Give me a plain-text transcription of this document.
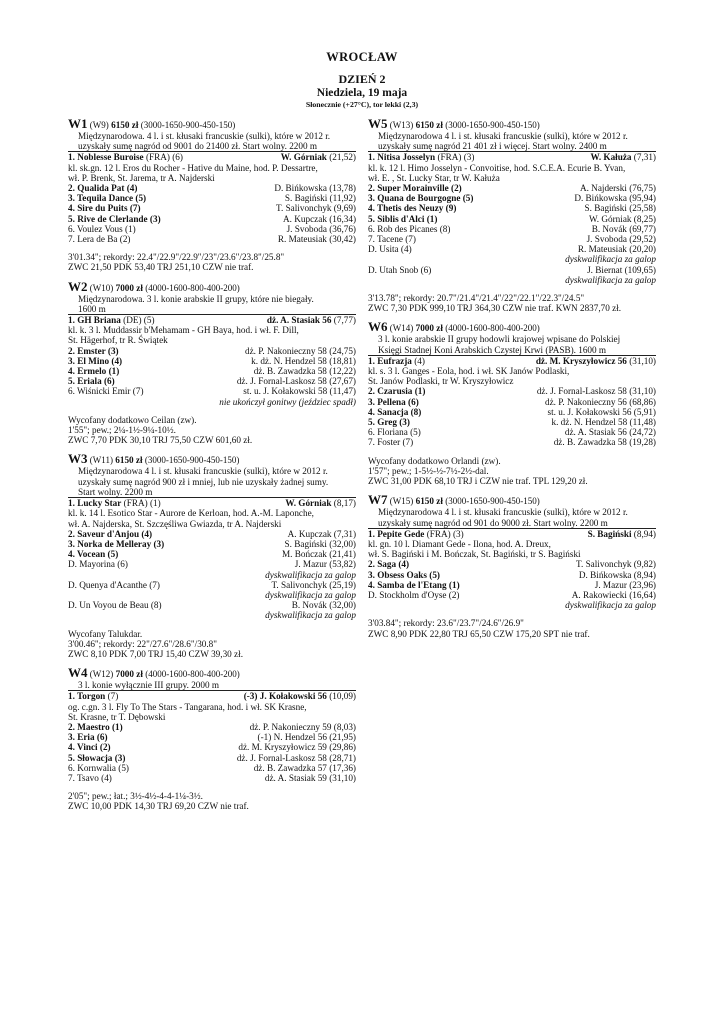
WROCŁAW
DZIEŃ 2
Niedziela, 19 maja
Słonecznie (+27°C), tor lekki (2,3)
W1 (W9) 6150 zł (3000-1650-900-450-150)
Międzynarodowa. 4 l. i st. kłusaki francuskie (sulki), które w 2012 r.
uzyskały sumę nagród od 9001 do 21400 zł. Start wolny. 2200 m
1. Noblesse Buroise (FRA) (6)	W. Górniak (21,52)
kl. sk.gn. 12 l. Eros du Rocher - Hative du Maine, hod. P. Dessartre,
wł. P. Brenk, St. Jarema, tr A. Najderski
2. Qualida Pat (4)	D. Bińkowska (13,78)
3. Tequila Dance (5)	S. Bagiński (11,92)
4. Sire du Puits (7)	T. Salivonchyk (9,69)
5. Rive de Clerlande (3)	A. Kupczak (16,34)
6. Voulez Vous (1)	J. Svoboda (36,76)
7. Lera de Ba (2)	R. Mateusiak (30,42)
3'01.34"; rekordy: 22.4"/22.9"/22.9"/23"/23.6"/23.8"/25.8"
ZWC 21,50 PDK 53,40 TRJ 251,10 CZW nie traf.
W2 (W10) 7000 zł (4000-1600-800-400-200)
Międzynarodowa. 3 l. konie arabskie II grupy, które nie biegały.
1600 m
1. GH Briana (DE) (5)	dż. A. Stasiak 56 (7,77)
kl. k. 3 l. Muddassir b'Mehamam - GH Baya, hod. i wł. F. Dill,
St. Hägerhof, tr R. Świątek
2. Emster (3)	dż. P. Nakonieczny 58 (24,75)
3. El Mino (4)	k. dż. N. Hendzel 58 (18,81)
4. Ermelo (1)	dż. B. Zawadzka 58 (12,22)
5. Eriala (6)	dż. J. Fornal-Laskosz 58 (27,67)
6. Wiśnicki Emir (7)	st. u. J. Kołakowski 58 (11,47)
nie ukończył gonitwy (jeździec spadł)
Wycofany dodatkowo Ceilan (zw).
1'55"; pew.; 2¼-1½-9¼-10½.
ZWC 7,70 PDK 30,10 TRJ 75,50 CZW 601,60 zł.
W3 (W11) 6150 zł (3000-1650-900-450-150)
Międzynarodowa 4 l. i st. kłusaki francuskie (sulki), które w 2012 r.
uzyskały sumę nagród 900 zł i mniej, lub nie uzyskały żadnej sumy.
Start wolny. 2200 m
1. Lucky Star (FRA) (1)	W. Górniak (8,17)
kl. k. 14 l. Esotico Star - Aurore de Kerloan, hod. A.-M. Laponche,
wł. A. Najderska, St. Szczęśliwa Gwiazda, tr A. Najderski
2. Saveur d'Anjou (4)	A. Kupczak (7,31)
3. Norka de Melleray (3)	S. Bagiński (32,00)
4. Vocean (5)	M. Bończak (21,41)
D. Mayorina (6)	J. Mazur (53,82)
dyskwalifikacja za galop
D. Quenya d'Acanthe (7)	T. Salivonchyk (25,19)
dyskwalifikacja za galop
D. Un Voyou de Beau (8)	B. Novák (32,00)
dyskwalifikacja za galop
Wycofany Talukdar.
3'00.46"; rekordy: 22"/27.6"/28.6"/30.8"
ZWC 8,10 PDK 7,00 TRJ 15,40 CZW 39,30 zł.
W4 (W12) 7000 zł (4000-1600-800-400-200)
3 l. konie wyłącznie III grupy. 2000 m
1. Torgon (7)	(-3) J. Kołakowski 56 (10,09)
og. c.gn. 3 l. Fly To The Stars - Tangarana, hod. i wł. SK Krasne,
St. Krasne, tr T. Dębowski
2. Maestro (1)	dż. P. Nakonieczny 59 (8,03)
3. Eria (6)	(-1) N. Hendzel 56 (21,95)
4. Vinci (2)	dż. M. Kryszyłowicz 59 (29,86)
5. Słowacja (3)	dż. J. Fornal-Laskosz 58 (28,71)
6. Kornwalia (5)	dż. B. Zawadzka 57 (17,36)
7. Tsavo (4)	dż. A. Stasiak 59 (31,10)
2'05"; pew.; łat.; 3½-4½-4-4-1¼-3½.
ZWC 10,00 PDK 14,30 TRJ 69,20 CZW nie traf.
W5 (W13) 6150 zł (3000-1650-900-450-150)
Międzynarodowa 4 l. i st. kłusaki francuskie (sulki), które w 2012 r.
uzyskały sumę nagród 21 401 zł i więcej. Start wolny. 2400 m
1. Nitisa Josselyn (FRA) (3)	W. Kałuża (7,31)
kl. k. 12 l. Himo Josselyn - Convoitise, hod. S.C.E.A. Ecurie B. Yvan,
wł. E. , St. Lucky Star, tr W. Kałuża
2. Super Morainville (2)	A. Najderski (76,75)
3. Quana de Bourgogne (5)	D. Bińkowska (95,94)
4. Thetis des Neuzy (9)	S. Bagiński (25,58)
5. Siblis d'Alci (1)	W. Górniak (8,25)
6. Rob des Picanes (8)	B. Novák (69,77)
7. Tacene (7)	J. Svoboda (29,52)
D. Usita (4)	R. Mateusiak (20,20)
dyskwalifikacja za galop
D. Utah Snob (6)	J. Biernat (109,65)
dyskwalifikacja za galop
3'13.78"; rekordy: 20.7"/21.4"/21.4"/22"/22.1"/22.3"/24.5"
ZWC 7,30 PDK 999,10 TRJ 364,30 CZW nie traf. KWN 2837,70 zł.
W6 (W14) 7000 zł (4000-1600-800-400-200)
3 l. konie arabskie II grupy hodowli krajowej wpisane do Polskiej
Księgi Stadnej Koni Arabskich Czystej Krwi (PASB). 1600 m
1. Eufrazja (4)	dż. M. Kryszyłowicz 56 (31,10)
kl. s. 3 l. Ganges - Eola, hod. i wł. SK Janów Podlaski,
St. Janów Podlaski, tr W. Kryszyłowicz
2. Czarusia (1)	dż. J. Fornal-Laskosz 58 (31,10)
3. Pellena (6)	dż. P. Nakonieczny 56 (68,86)
4. Sanacja (8)	st. u. J. Kołakowski 56 (5,91)
5. Greg (3)	k. dż. N. Hendzel 58 (11,48)
6. Floriana (5)	dż. A. Stasiak 56 (24,72)
7. Foster (7)	dż. B. Zawadzka 58 (19,28)
Wycofany dodatkowo Orlandi (zw).
1'57"; pew.; 1-5½-½-7½-2½-dal.
ZWC 31,00 PDK 68,10 TRJ i CZW nie traf. TPL 129,20 zł.
W7 (W15) 6150 zł (3000-1650-900-450-150)
Międzynarodowa 4 l. i st. kłusaki francuskie (sulki), które w 2012 r.
uzyskały sumę nagród od 901 do 9000 zł. Start wolny. 2200 m
1. Pepite Gede (FRA) (3)	S. Bagiński (8,94)
kl. gn. 10 l. Diamant Gede - Ilona, hod. A. Dreux,
wł. S. Bagiński i M. Bończak, St. Bagiński, tr S. Bagiński
2. Saga (4)	T. Salivonchyk (9,82)
3. Obsess Oaks (5)	D. Bińkowska (8,94)
4. Samba de l'Etang (1)	J. Mazur (23,96)
D. Stockholm d'Oyse (2)	A. Rakowiecki (16,64)
dyskwalifikacja za galop
3'03.84"; rekordy: 23.6"/23.7"/24.6"/26.9"
ZWC 8,90 PDK 22,80 TRJ 65,50 CZW 175,20 SPT nie traf.
